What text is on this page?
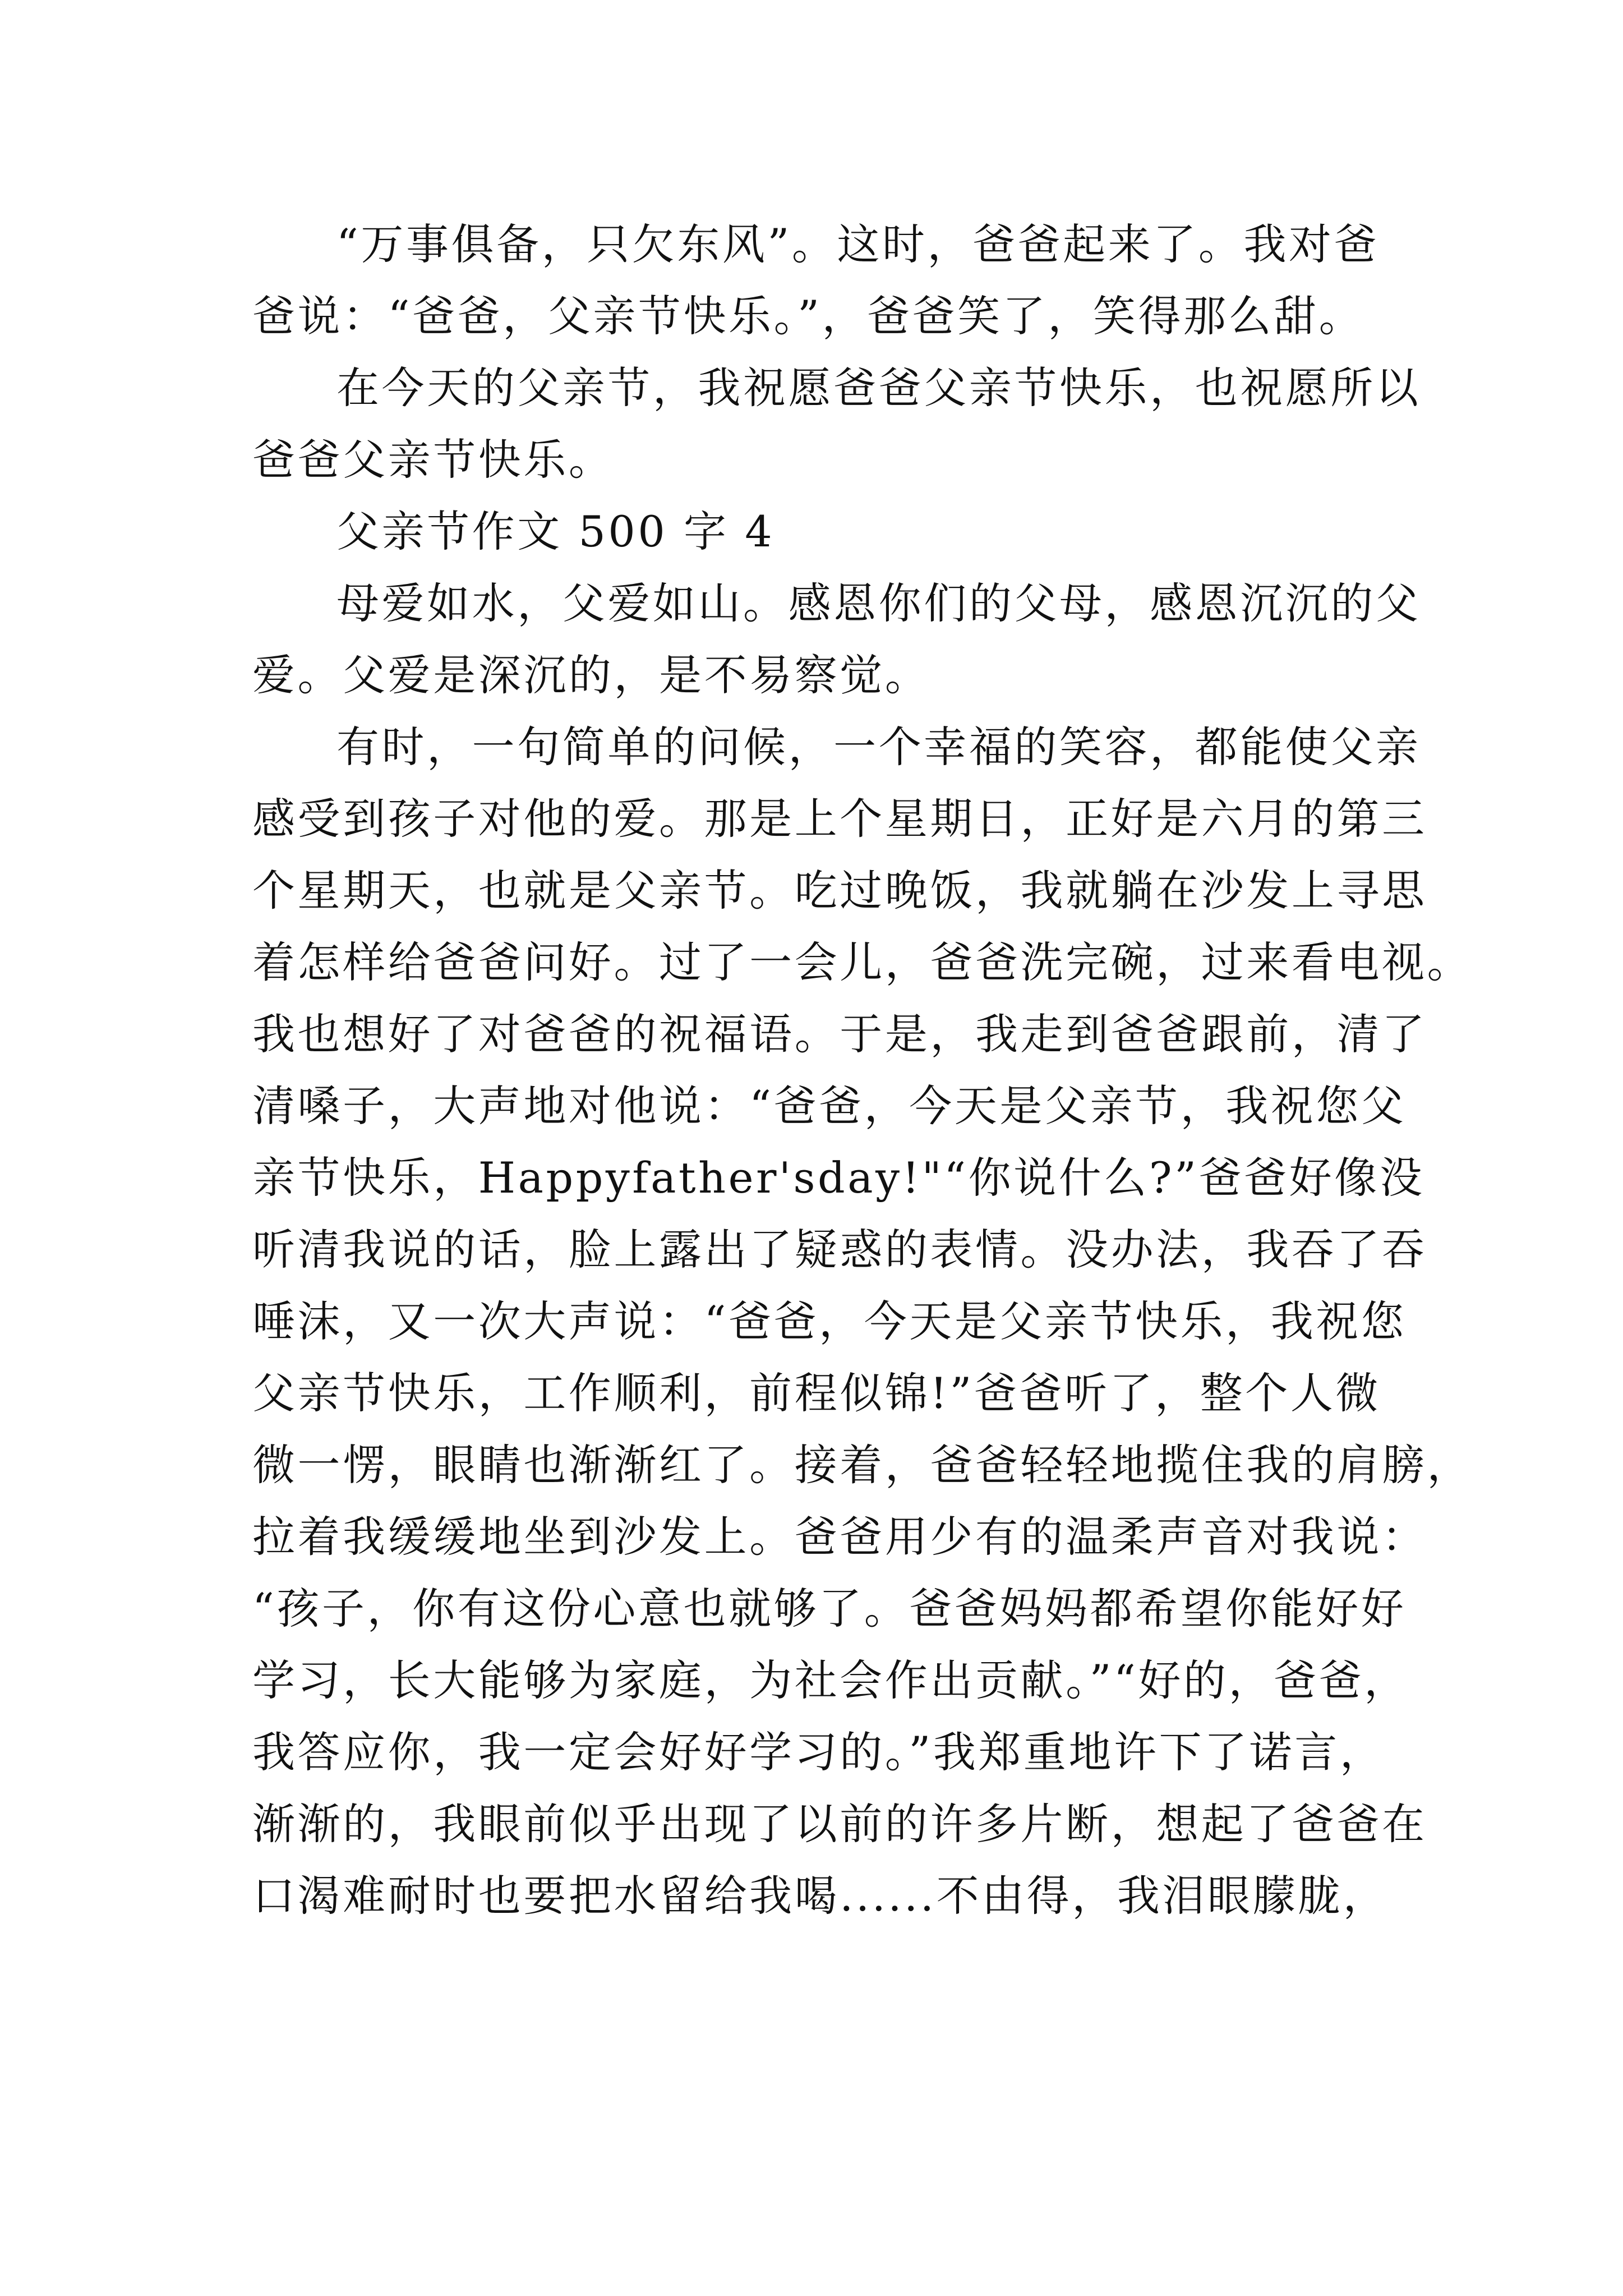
“万事俱备，只欠东风”。这时，爸爸起来了。我对爸
爸说：“爸爸，父亲节快乐。”，爸爸笑了，笑得那么甜。
在今天的父亲节，我祝愿爸爸父亲节快乐，也祝愿所以
爸爸父亲节快乐。
父亲节作文 500 字 4
母爱如水，父爱如山。感恩你们的父母，感恩沉沉的父
爱。父爱是深沉的，是不易察觉。
有时，一句简单的问候，一个幸福的笑容，都能使父亲
感受到孩子对他的爱。那是上个星期日，正好是六月的第三
个星期天，也就是父亲节。吃过晚饭，我就躺在沙发上寻思
着怎样给爸爸问好。过了一会儿，爸爸洗完碗，过来看电视。
我也想好了对爸爸的祝福语。于是，我走到爸爸跟前，清了
清嗓子，大声地对他说：“爸爸，今天是父亲节，我祝您父
亲节快乐，Happyfather'sday!"“你说什么?”爸爸好像没
听清我说的话，脸上露出了疑惑的表情。没办法，我吞了吞
唾沫，又一次大声说：“爸爸，今天是父亲节快乐，我祝您
父亲节快乐，工作顺利，前程似锦!”爸爸听了，整个人微
微一愣，眼睛也渐渐红了。接着，爸爸轻轻地揽住我的肩膀，
拉着我缓缓地坐到沙发上。爸爸用少有的温柔声音对我说：
“孩子，你有这份心意也就够了。爸爸妈妈都希望你能好好
学习，长大能够为家庭，为社会作出贡献。”“好的，爸爸，
我答应你，我一定会好好学习的。”我郑重地许下了诺言，
渐渐的，我眼前似乎出现了以前的许多片断，想起了爸爸在
口渴难耐时也要把水留给我喝......不由得，我泪眼朦胧，
